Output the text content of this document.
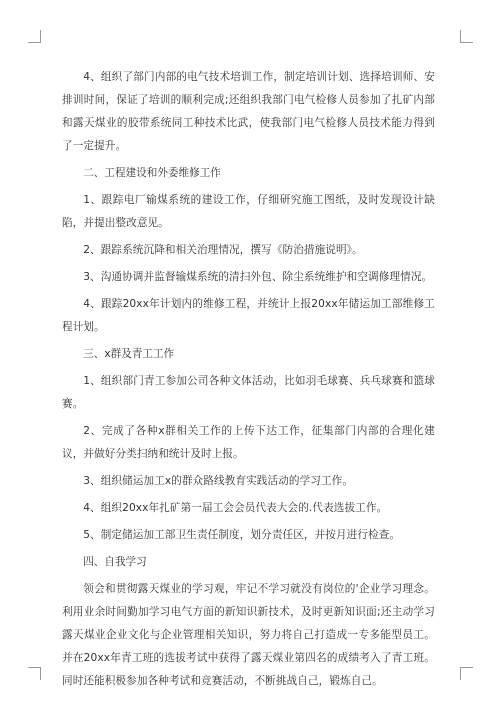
4、组织了部门内部的电气技术培训工作，制定培训计划、选择培训师、安排训时间，保证了培训的顺利完成;还组织我部门电气检修人员参加了扎矿内部和露天煤业的胶带系统同工种技术比武，使我部门电气检修人员技术能力得到了一定提升。

二、工程建设和外委维修工作

1、跟踪电厂输煤系统的建设工作，仔细研究施工图纸，及时发现设计缺陷，并提出整改意见。

2、跟踪系统沉降和相关治理情况，撰写《防治措施说明》。

3、沟通协调并监督输煤系统的清扫外包、除尘系统维护和空调修理情况。

4、跟踪20xx年计划内的维修工程，并统计上报20xx年储运加工部维修工程计划。

三、x群及青工工作

1、组织部门青工参加公司各种文体活动，比如羽毛球赛、兵乓球赛和篮球赛。

2、完成了各种x群相关工作的上传下达工作，征集部门内部的合理化建议，并做好分类扫纳和统计及时上报。

3、组织储运加工x的群众路线教育实践活动的学习工作。

4、组织20xx年扎矿第一届工会会员代表大会的.代表选拔工作。

5、制定储运加工部卫生责任制度，划分责任区，并按月进行检查。

四、自我学习

领会和贯彻露天煤业的学习观，牢记不学习就没有岗位的'企业学习理念。利用业余时间勤加学习电气方面的新知识新技术，及时更新知识面;还主动学习露天煤业企业文化与企业管理相关知识，努力将自己打造成一专多能型员工。并在20xx年青工班的选拔考试中获得了露天煤业第四名的成绩考入了青工班。同时还能积极参加各种考试和竞赛活动，不断挑战自己，锻炼自己。
